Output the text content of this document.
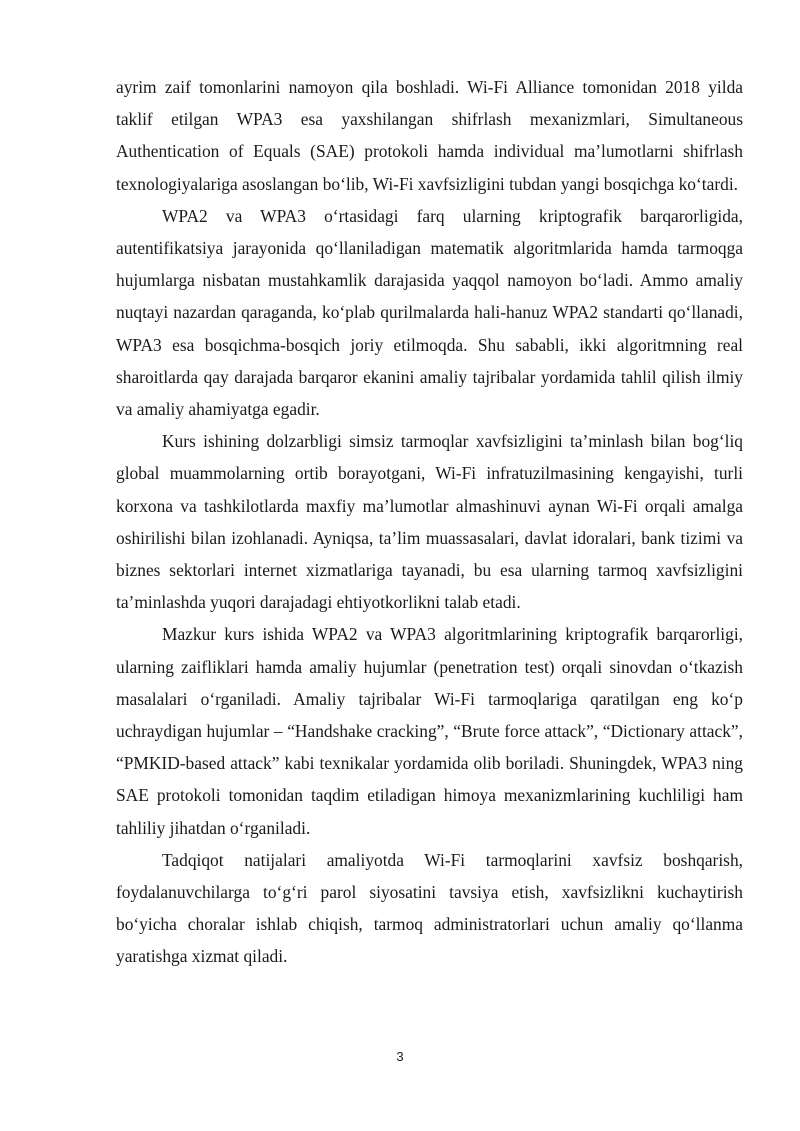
ayrim zaif tomonlarini namoyon qila boshladi. Wi-Fi Alliance tomonidan 2018 yilda taklif etilgan WPA3 esa yaxshilangan shifrlash mexanizmlari, Simultaneous Authentication of Equals (SAE) protokoli hamda individual ma’lumotlarni shifrlash texnologiyalariga asoslangan bo‘lib, Wi-Fi xavfsizligini tubdan yangi bosqichga ko‘tardi.

WPA2 va WPA3 o‘rtasidagi farq ularning kriptografik barqarorligida, autentifikatsiya jarayonida qo‘llaniladigan matematik algoritmlarida hamda tarmoqga hujumlarga nisbatan mustahkamlik darajasida yaqqol namoyon bo‘ladi. Ammo amaliy nuqtayi nazardan qaraganda, ko‘plab qurilmalarda hali-hanuz WPA2 standarti qo‘llanadi, WPA3 esa bosqichma-bosqich joriy etilmoqda. Shu sababli, ikki algoritmning real sharoitlarda qay darajada barqaror ekanini amaliy tajribalar yordamida tahlil qilish ilmiy va amaliy ahamiyatga egadir.

Kurs ishining dolzarbligi simsiz tarmoqlar xavfsizligini ta’minlash bilan bog‘liq global muammolarning ortib borayotgani, Wi-Fi infratuzilmasining kengayishi, turli korxona va tashkilotlarda maxfiy ma’lumotlar almashinuvi aynan Wi-Fi orqali amalga oshirilishi bilan izohlanadi. Ayniqsa, ta’lim muassasalari, davlat idoralari, bank tizimi va biznes sektorlari internet xizmatlariga tayanadi, bu esa ularning tarmoq xavfsizligini ta’minlashda yuqori darajadagi ehtiyotkorlikni talab etadi.

Mazkur kurs ishida WPA2 va WPA3 algoritmlarining kriptografik barqarorligi, ularning zaifliklari hamda amaliy hujumlar (penetration test) orqali sinovdan o‘tkazish masalalari o‘rganiladi. Amaliy tajribalar Wi-Fi tarmoqlariga qaratilgan eng ko‘p uchraydigan hujumlar – “Handshake cracking”, “Brute force attack”, “Dictionary attack”, “PMKID-based attack” kabi texnikalar yordamida olib boriladi. Shuningdek, WPA3 ning SAE protokoli tomonidan taqdim etiladigan himoya mexanizmlarining kuchliligi ham tahliliy jihatdan o‘rganiladi.

Tadqiqot natijalari amaliyotda Wi-Fi tarmoqlarini xavfsiz boshqarish, foydalanuvchilarga to‘g‘ri parol siyosatini tavsiya etish, xavfsizlikni kuchaytirish bo‘yicha choralar ishlab chiqish, tarmoq administratorlari uchun amaliy qo‘llanma yaratishga xizmat qiladi.

3
